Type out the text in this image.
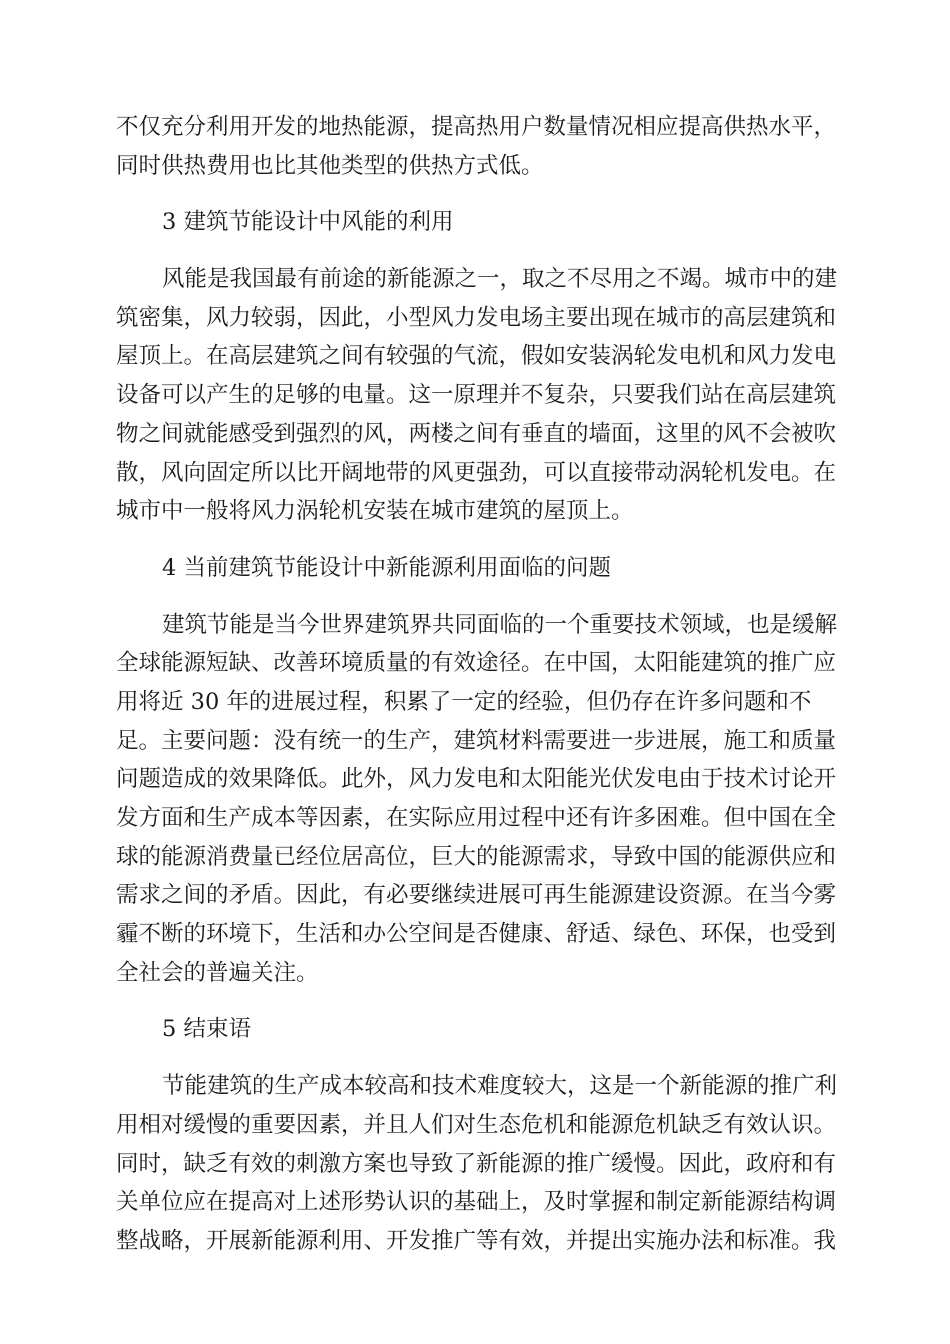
不仅充分利用开发的地热能源，提高热用户数量情况相应提高供热水平，
同时供热费用也比其他类型的供热方式低。
3 建筑节能设计中风能的利用
风能是我国最有前途的新能源之一，取之不尽用之不竭。城市中的建
筑密集，风力较弱，因此，小型风力发电场主要出现在城市的高层建筑和
屋顶上。在高层建筑之间有较强的气流，假如安装涡轮发电机和风力发电
设备可以产生的足够的电量。这一原理并不复杂，只要我们站在高层建筑
物之间就能感受到强烈的风，两楼之间有垂直的墙面，这里的风不会被吹
散，风向固定所以比开阔地带的风更强劲，可以直接带动涡轮机发电。在
城市中一般将风力涡轮机安装在城市建筑的屋顶上。
4 当前建筑节能设计中新能源利用面临的问题
建筑节能是当今世界建筑界共同面临的一个重要技术领域，也是缓解
全球能源短缺、改善环境质量的有效途径。在中国，太阳能建筑的推广应
用将近 30 年的进展过程，积累了一定的经验，但仍存在许多问题和不
足。主要问题：没有统一的生产，建筑材料需要进一步进展，施工和质量
问题造成的效果降低。此外，风力发电和太阳能光伏发电由于技术讨论开
发方面和生产成本等因素，在实际应用过程中还有许多困难。但中国在全
球的能源消费量已经位居高位，巨大的能源需求，导致中国的能源供应和
需求之间的矛盾。因此，有必要继续进展可再生能源建设资源。在当今雾
霾不断的环境下，生活和办公空间是否健康、舒适、绿色、环保，也受到
全社会的普遍关注。
5 结束语
节能建筑的生产成本较高和技术难度较大，这是一个新能源的推广利
用相对缓慢的重要因素，并且人们对生态危机和能源危机缺乏有效认识。
同时，缺乏有效的刺激方案也导致了新能源的推广缓慢。因此，政府和有
关单位应在提高对上述形势认识的基础上，及时掌握和制定新能源结构调
整战略，开展新能源利用、开发推广等有效，并提出实施办法和标准。我
